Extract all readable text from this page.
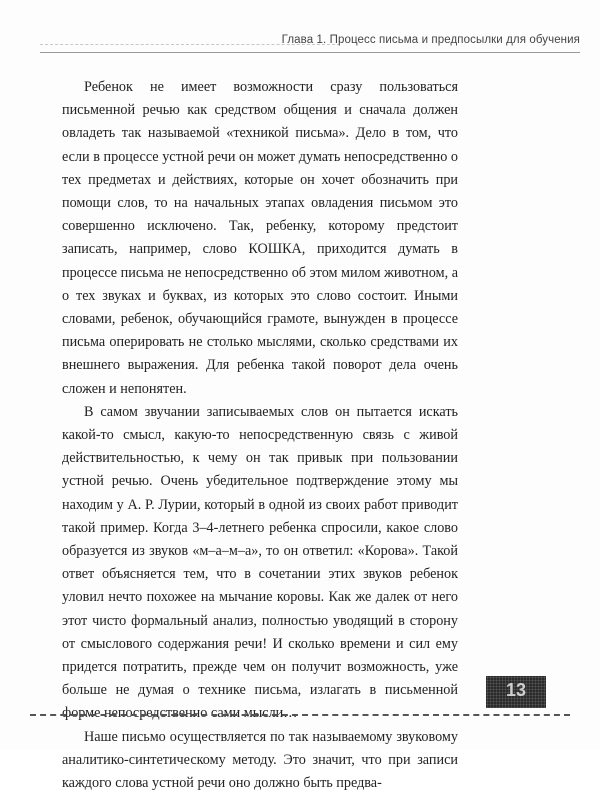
Глава 1. Процесс письма и предпосылки для обучения

Ребенок не имеет возможности сразу пользоваться письменной речью как средством общения и сначала должен овладеть так называемой «техникой письма». Дело в том, что если в процессе устной речи он может думать непосредственно о тех предметах и действиях, которые он хочет обозначить при помощи слов, то на начальных этапах овладения письмом это совершенно исключено. Так, ребенку, которому предстоит записать, например, слово КОШКА, приходится думать в процессе письма не непосредственно об этом милом животном, а о тех звуках и буквах, из которых это слово состоит. Иными словами, ребенок, обучающийся грамоте, вынужден в процессе письма оперировать не столько мыслями, сколько средствами их внешнего выражения. Для ребенка такой поворот дела очень сложен и непонятен.

В самом звучании записываемых слов он пытается искать какой-то смысл, какую-то непосредственную связь с живой действительностью, к чему он так привык при пользовании устной речью. Очень убедительное подтверждение этому мы находим у А. Р. Лурии, который в одной из своих работ приводит такой пример. Когда 3–4-летнего ребенка спросили, какое слово образуется из звуков «м–а–м–а», то он ответил: «Корова». Такой ответ объясняется тем, что в сочетании этих звуков ребенок уловил нечто похожее на мычание коровы. Как же далек от него этот чисто формальный анализ, полностью уводящий в сторону от смыслового содержания речи! И сколько времени и сил ему придется потратить, прежде чем он получит возможность, уже больше не думая о технике письма, излагать в письменной форме непосредственно сами мысли…

Наше письмо осуществляется по так называемому звуковому аналитико-синтетическому методу. Это значит, что при записи каждого слова устной речи оно должно быть предва-

13
